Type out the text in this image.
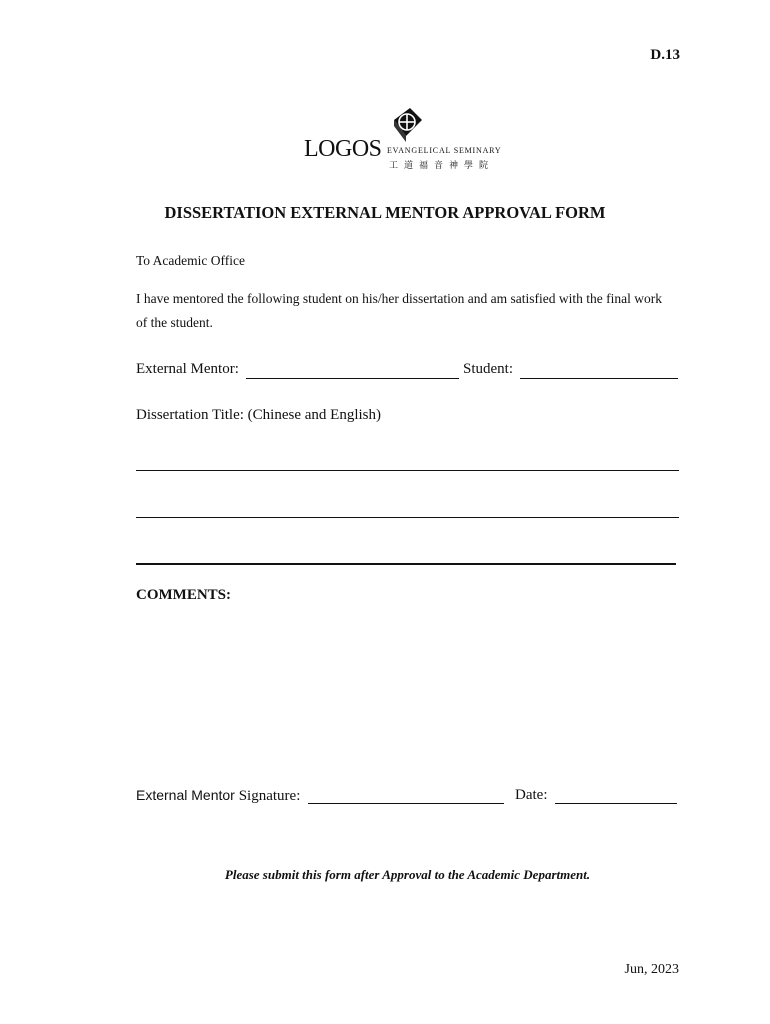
D.13
LOGOS EVANGELICAL SEMINARY
工道福音神學院
DISSERTATION EXTERNAL MENTOR APPROVAL FORM
To Academic Office
I have mentored the following student on his/her dissertation and am satisfied with the final work
of the student.
External Mentor:	Student:
Dissertation Title: (Chinese and English)
COMMENTS:
External Mentor Signature:	Date:
Please submit this form after Approval to the Academic Department.
Jun, 2023
